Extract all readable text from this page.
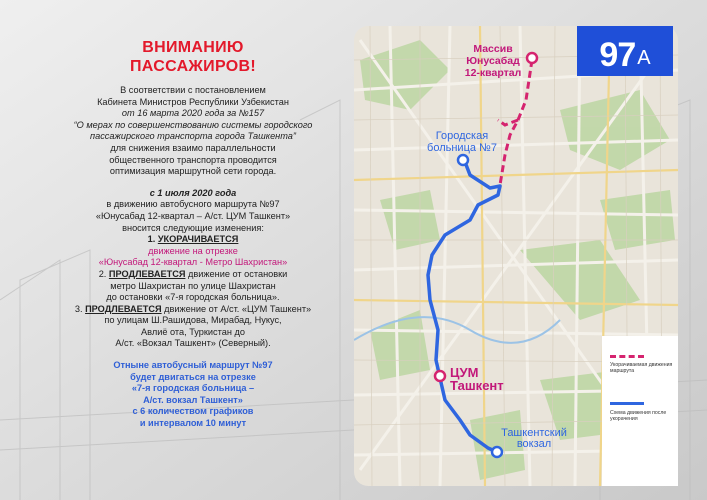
ВНИМАНИЮ
ПАССАЖИРОВ!
В соответствии с постановлением
Кабинета Министров Республики Узбекистан
от 16 марта 2020 года за №157
“О мерах по совершенствованию системы городского
пассажирского транспорта города Ташкента”
для снижения взаимо параллельности
общественного транспорта проводится
оптимизация маршрутной сети города.
с 1 июля 2020 года
в движению автобусного маршрута №97
«Юнусабад 12-квартал – А/ст. ЦУМ Ташкент»
вносится следующие изменения:
1. УКОРАЧИВАЕТСЯ
движение на отрезке
«Юнусабад 12-квартал - Метро Шахристан»
2. ПРОДЛЕВАЕТСЯ движение от остановки
метро Шахристан по улице Шахристан
до остановки «7-я городская больница».
3. ПРОДЛЕВАЕТСЯ движение от А/ст. «ЦУМ Ташкент»
по улицам Ш.Рашидова, Мирабад, Нукус,
Авлиё ота, Туркистан до
А/ст. «Вокзал Ташкент» (Северный).
Отныне автобусный маршрут №97
будет двигаться на отрезке
«7-я городская больница –
А/ст. вокзал Ташкент»
с 6 количеством графиков
и интервалом 10 минут
Массив
Юнусабад
12-квартал
Городская
больница №7
ЦУМ
Ташкент
Ташкентский
вокзал
97 А
Укорачиваемая движения маршрута
Схема движения после укорачения
